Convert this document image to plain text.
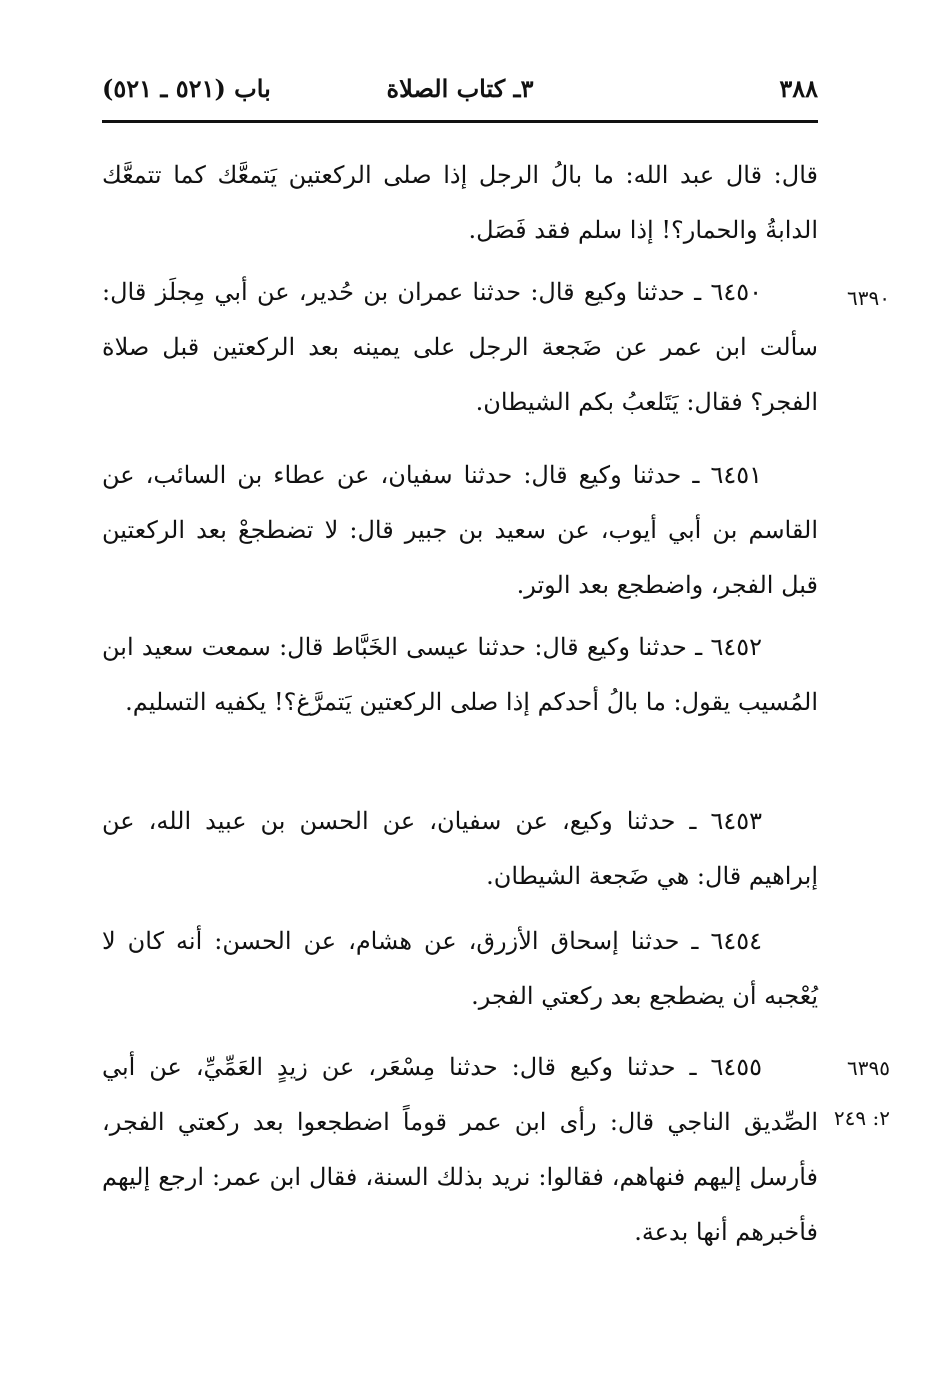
٣٨٨
٣ـ كتاب الصلاة
باب (٥٢١ ـ ٥٢١)

قال: قال عبد الله: ما بالُ الرجل إذا صلى الركعتين يَتمعَّك كما تتمعَّك الدابةُ والحمار؟! إذا سلم فقد فَصَل.

٦٤٥٠ ـ حدثنا وكيع قال: حدثنا عمران بن حُدير، عن أبي مِجلَز قال: سألت ابن عمر عن ضَجعة الرجل على يمينه بعد الركعتين قبل صلاة الفجر؟ فقال: يَتَلعبُ بكم الشيطان.

٦٤٥١ ـ حدثنا وكيع قال: حدثنا سفيان، عن عطاء بن السائب، عن القاسم بن أبي أيوب، عن سعيد بن جبير قال: لا تضطجعْ بعد الركعتين قبل الفجر، واضطجع بعد الوتر.

٦٤٥٢ ـ حدثنا وكيع قال: حدثنا عيسى الخَبَّاط قال: سمعت سعيد ابن المُسيب يقول: ما بالُ أحدكم إذا صلى الركعتين يَتمرَّغ؟! يكفيه التسليم.

٦٤٥٣ ـ حدثنا وكيع، عن سفيان، عن الحسن بن عبيد الله، عن إبراهيم قال: هي ضَجعة الشيطان.

٦٤٥٤ ـ حدثنا إسحاق الأزرق، عن هشام، عن الحسن: أنه كان لا يُعْجبه أن يضطجع بعد ركعتي الفجر.

٦٤٥٥ ـ حدثنا وكيع قال: حدثنا مِسْعَر، عن زيدٍ العَمِّيِّ، عن أبي الصِّديق الناجي قال: رأى ابن عمر قوماً اضطجعوا بعد ركعتي الفجر، فأرسل إليهم فنهاهم، فقالوا: نريد بذلك السنة، فقال ابن عمر: ارجع إليهم فأخبرهم أنها بدعة.

٦٣٩٠
٦٣٩٥
٢: ٢٤٩
